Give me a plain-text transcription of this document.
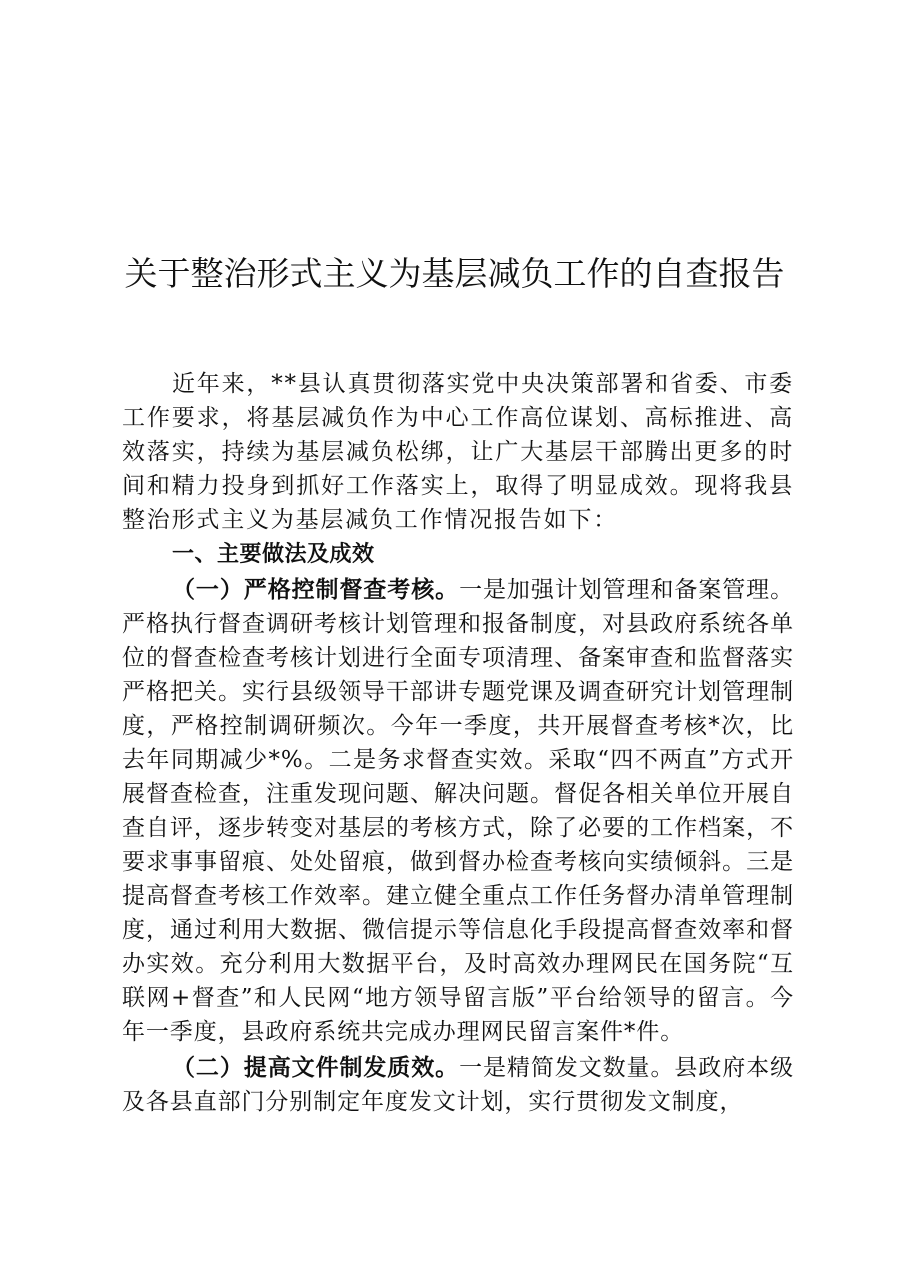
关于整治形式主义为基层减负工作的自查报告

近年来，**县认真贯彻落实党中央决策部署和省委、市委工作要求，将基层减负作为中心工作高位谋划、高标推进、高效落实，持续为基层减负松绑，让广大基层干部腾出更多的时间和精力投身到抓好工作落实上，取得了明显成效。现将我县整治形式主义为基层减负工作情况报告如下：

一、主要做法及成效

（一）严格控制督查考核。一是加强计划管理和备案管理。严格执行督查调研考核计划管理和报备制度，对县政府系统各单位的督查检查考核计划进行全面专项清理、备案审查和监督落实严格把关。实行县级领导干部讲专题党课及调查研究计划管理制度，严格控制调研频次。今年一季度，共开展督查考核*次，比去年同期减少*%。二是务求督查实效。采取“四不两直”方式开展督查检查，注重发现问题、解决问题。督促各相关单位开展自查自评，逐步转变对基层的考核方式，除了必要的工作档案，不要求事事留痕、处处留痕，做到督办检查考核向实绩倾斜。三是提高督查考核工作效率。建立健全重点工作任务督办清单管理制度，通过利用大数据、微信提示等信息化手段提高督查效率和督办实效。充分利用大数据平台，及时高效办理网民在国务院“互联网+督查”和人民网“地方领导留言版”平台给领导的留言。今年一季度，县政府系统共完成办理网民留言案件*件。

（二）提高文件制发质效。一是精简发文数量。县政府本级及各县直部门分别制定年度发文计划，实行贯彻发文制度，
